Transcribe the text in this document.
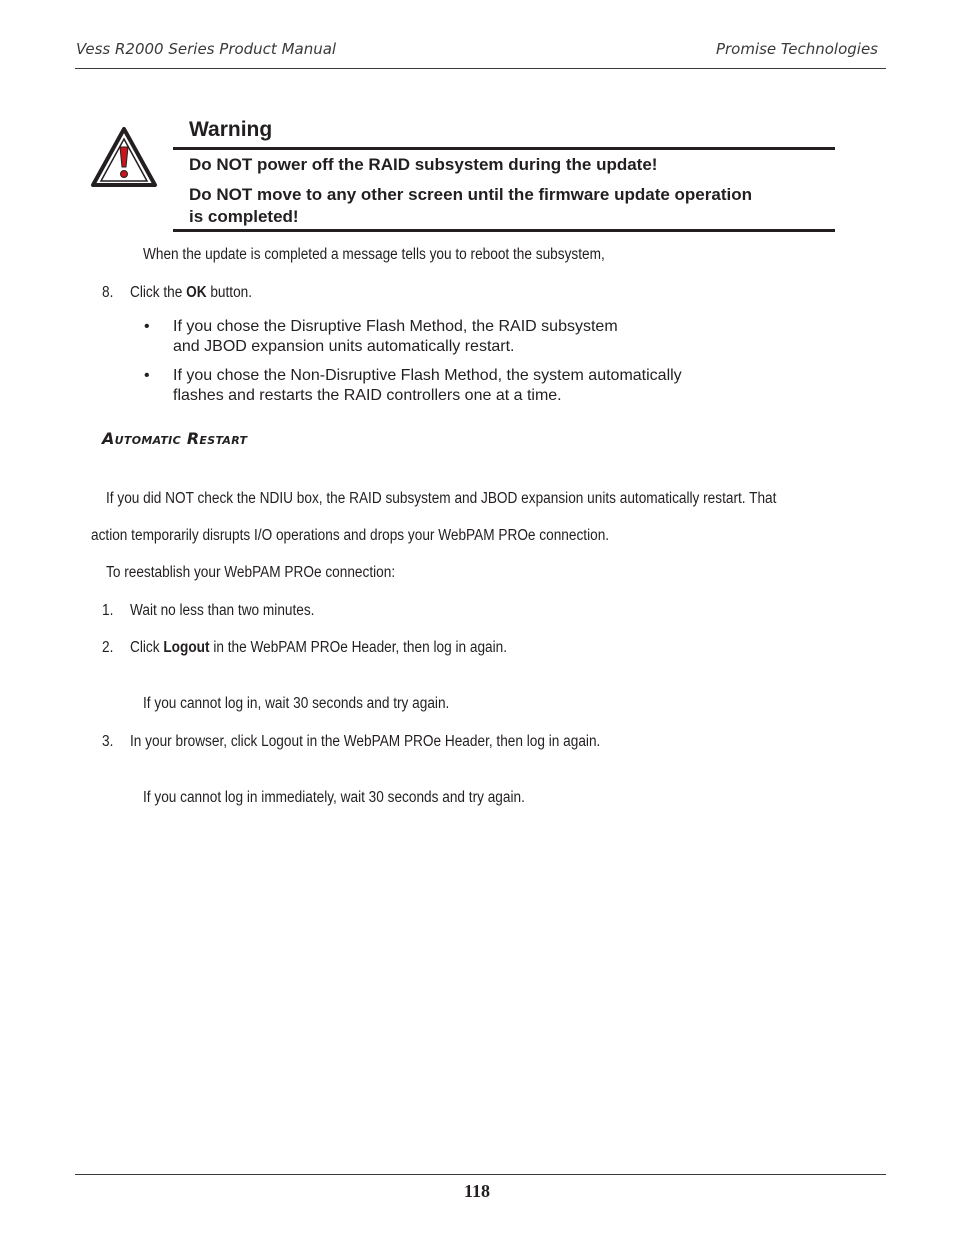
Vess R2000 Series Product Manual	Promise Technologies
Warning
Do NOT power off the RAID subsystem during the update!
Do NOT move to any other screen until the firmware update operation
is completed!
When the update is completed a message tells you to reboot the subsystem,
8. Click the OK button.
• If you chose the Disruptive Flash Method, the RAID subsystem
and JBOD expansion units automatically restart.
• If you chose the Non-Disruptive Flash Method, the system automatically
flashes and restarts the RAID controllers one at a time.
Automatic Restart
If you did NOT check the NDIU box, the RAID subsystem and JBOD expansion units automatically restart. That
action temporarily disrupts I/O operations and drops your WebPAM PROe connection.
To reestablish your WebPAM PROe connection:
1. Wait no less than two minutes.
2. Click Logout in the WebPAM PROe Header, then log in again.
If you cannot log in, wait 30 seconds and try again.
3. In your browser, click Logout in the WebPAM PROe Header, then log in again.
If you cannot log in immediately, wait 30 seconds and try again.
118
